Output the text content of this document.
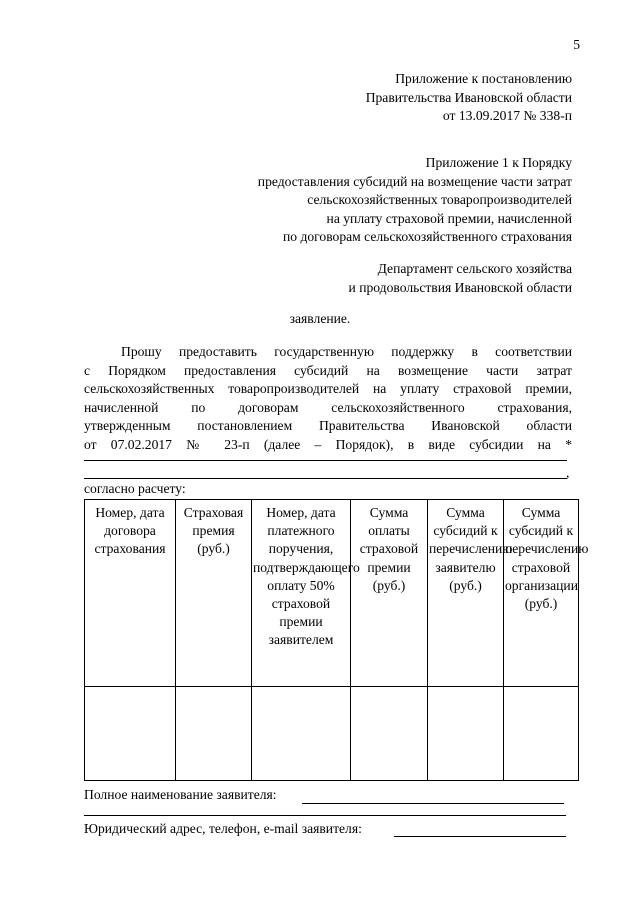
5
Приложение к постановлению
Правительства Ивановской области
от 13.09.2017 № 338-п
Приложение 1 к Порядку
предоставления субсидий на возмещение части затрат
сельскохозяйственных товаропроизводителей
на уплату страховой премии, начисленной
по договорам сельскохозяйственного страхования
Департамент сельского хозяйства
и продовольствия Ивановской области
заявление.
Прошу предоставить государственную поддержку в соответствии
с Порядком предоставления субсидий на возмещение части затрат
сельскохозяйственных товаропроизводителей на уплату страховой премии,
начисленной по договорам сельскохозяйственного страхования,
утвержденным постановлением Правительства Ивановской области
от 07.02.2017 № 23-п (далее – Порядок), в виде субсидии на *
,
согласно расчету:
Номер, дата договора страхования	Страховая премия (руб.)	Номер, дата платежного поручения, подтверждающего оплату 50% страховой премии заявителем	Сумма оплаты страховой премии (руб.)	Сумма субсидий к перечислению заявителю (руб.)	Сумма субсидий к перечислению страховой организации (руб.)

Полное наименование заявителя:
Юридический адрес, телефон, e-mail заявителя:
